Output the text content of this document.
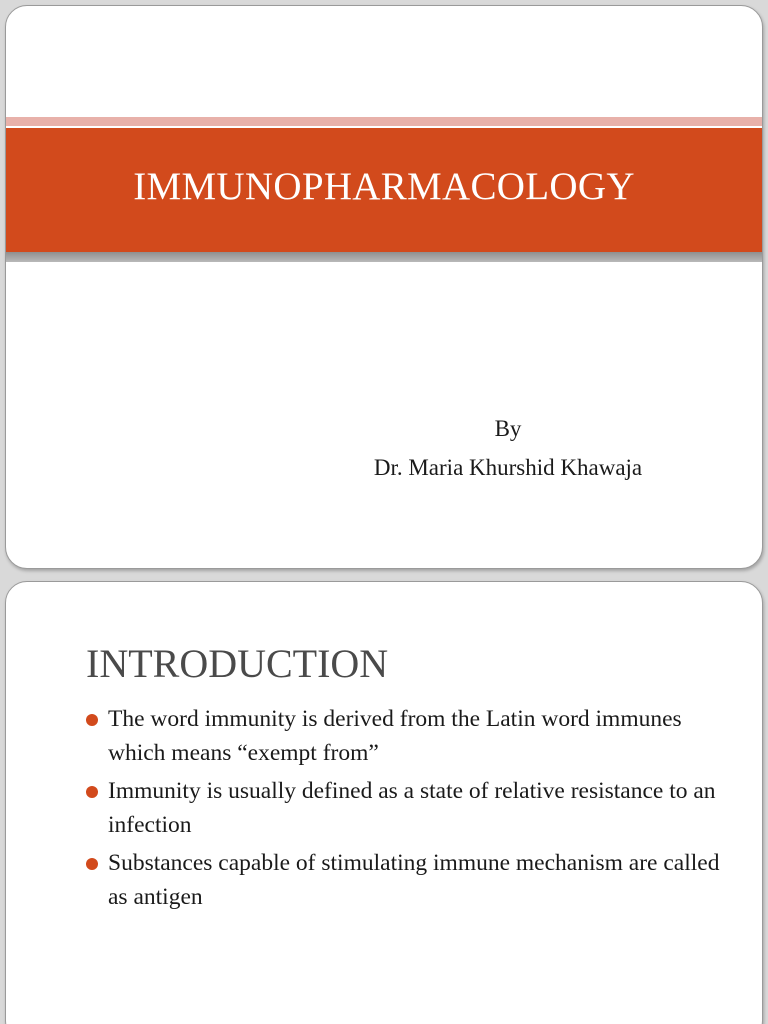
IMMUNOPHARMACOLOGY
By
Dr. Maria Khurshid Khawaja
INTRODUCTION
The word immunity is derived from the Latin word immunes which means “exempt from”
Immunity is usually defined as a state of relative resistance to an infection
Substances capable of stimulating immune mechanism are called as antigen
